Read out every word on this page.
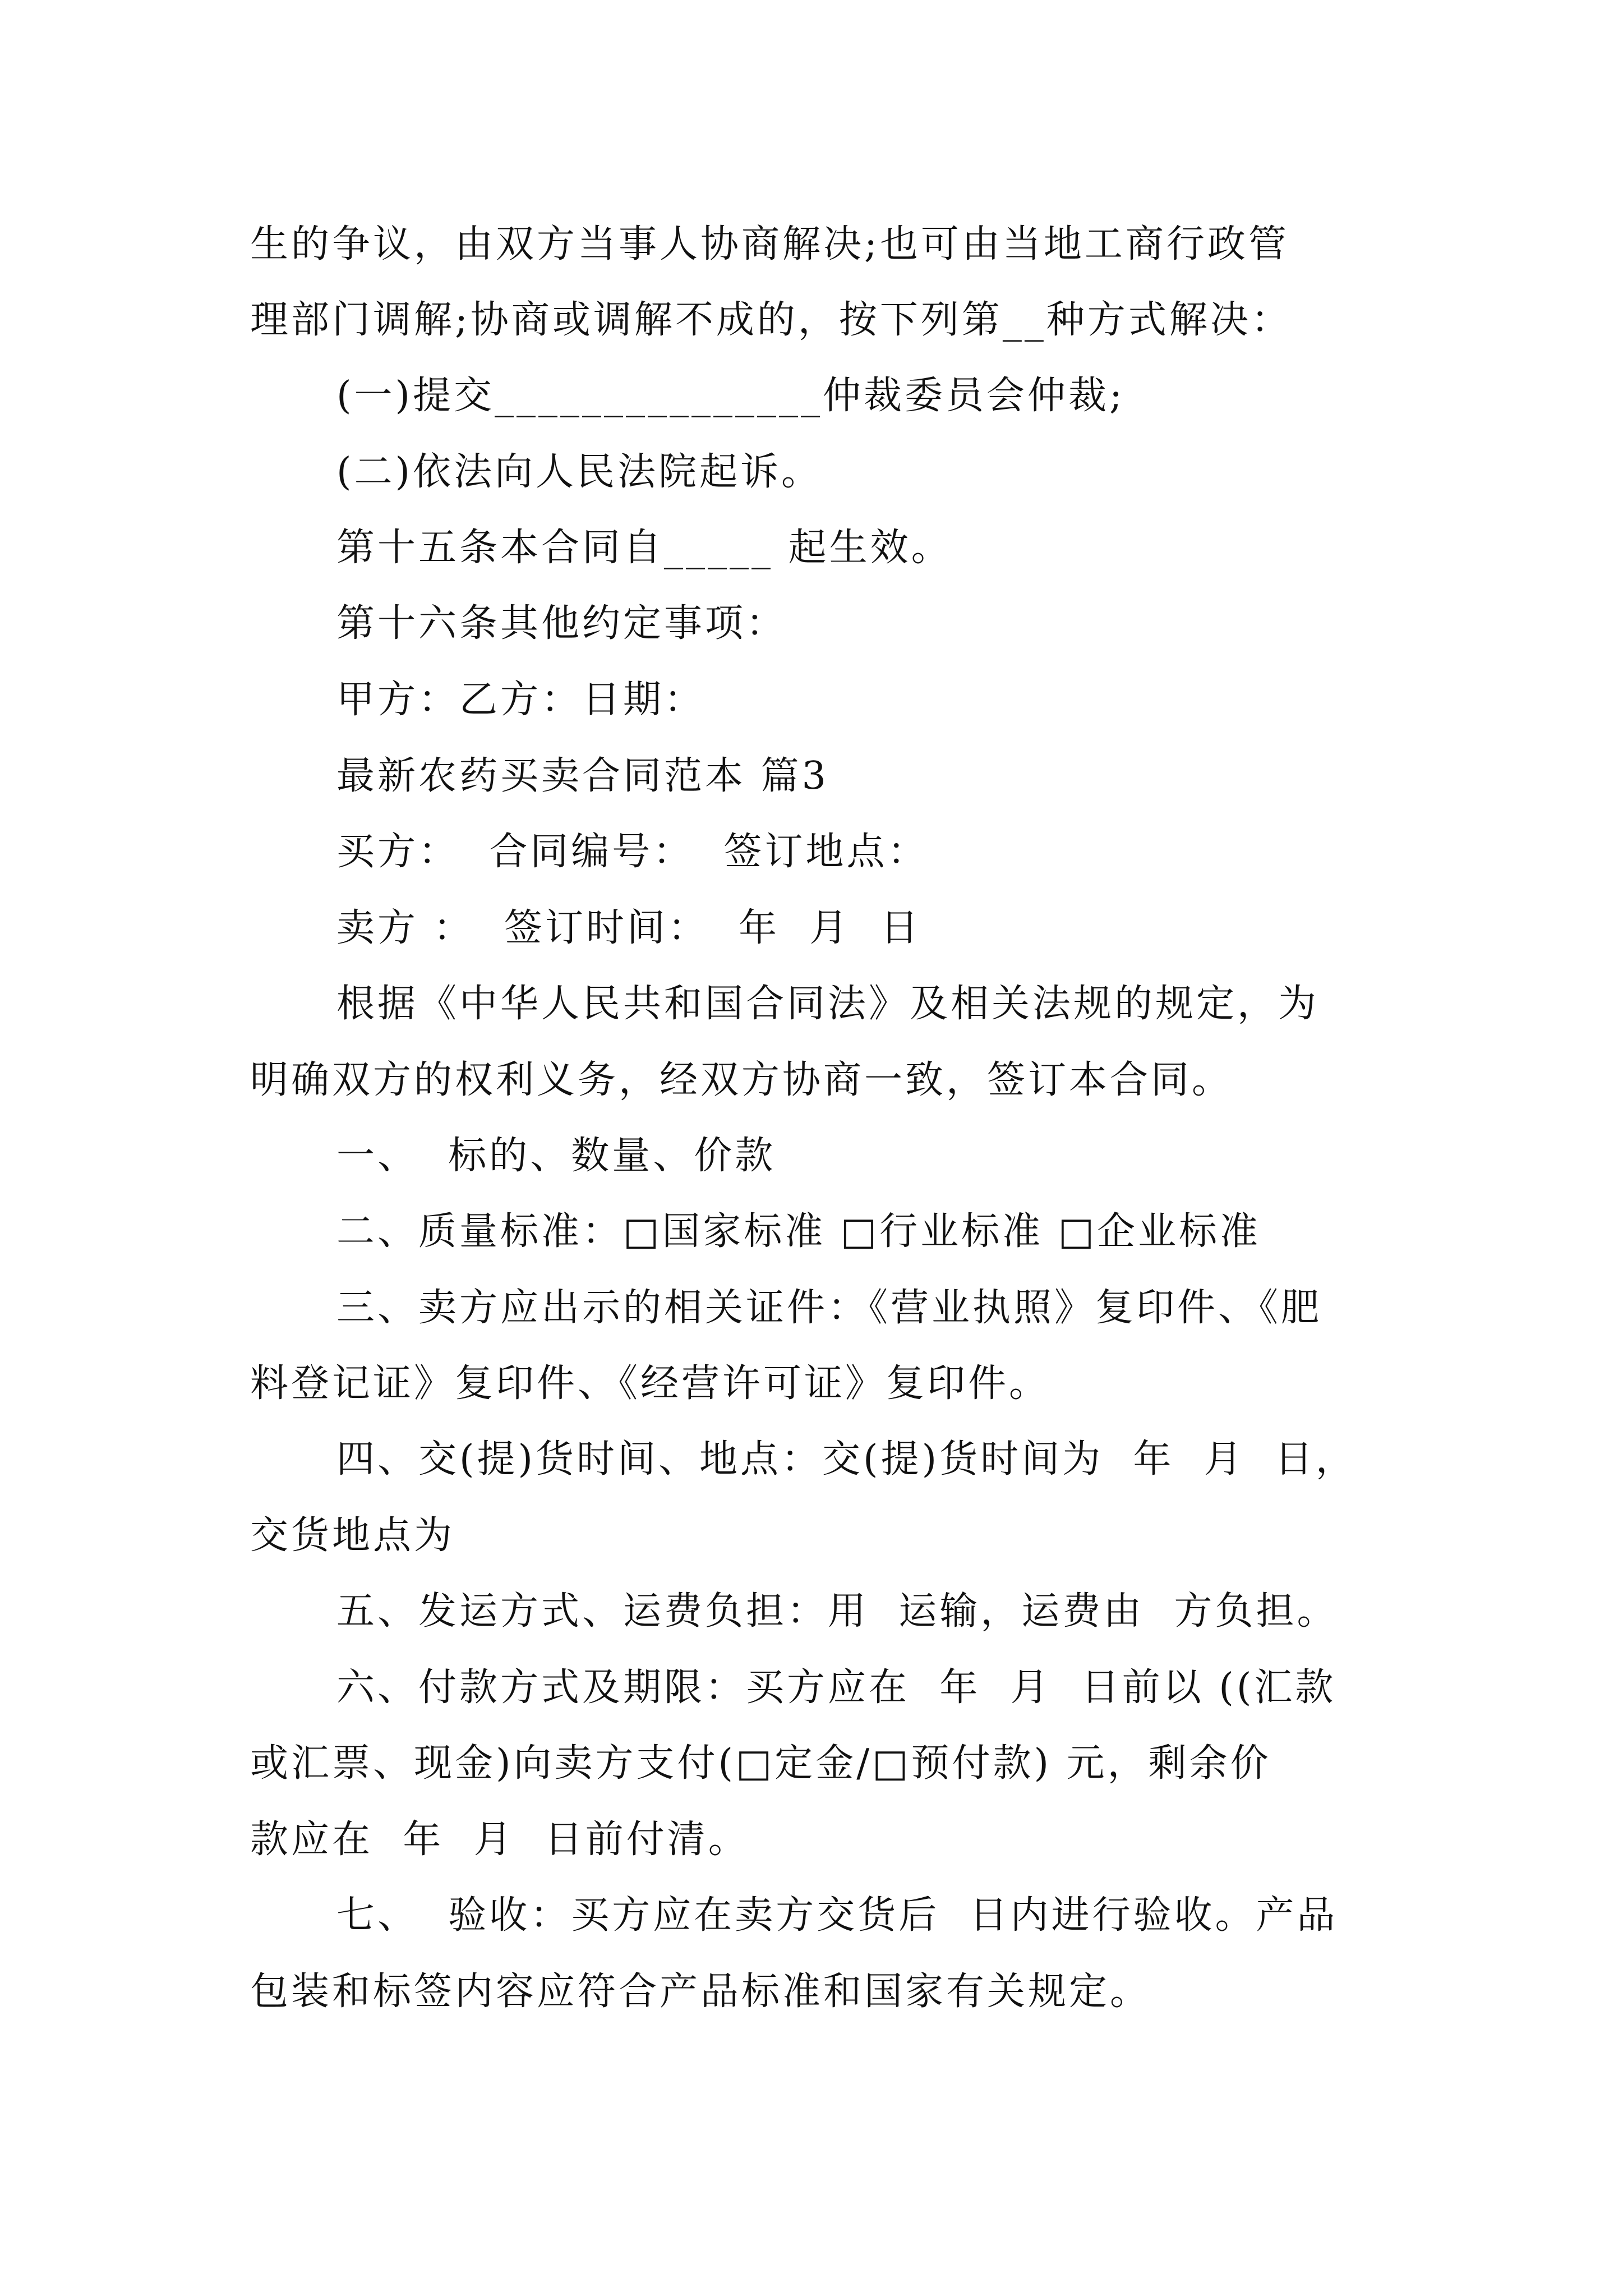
生的争议，由双方当事人协商解决;也可由当地工商行政管
理部门调解;协商或调解不成的，按下列第__种方式解决：
(一)提交_______________仲裁委员会仲裁;
(二)依法向人民法院起诉。
第十五条本合同自_____ 起生效。
第十六条其他约定事项：
甲方：乙方：日期：
最新农药买卖合同范本 篇3
买方：  合同编号：  签订地点：
卖方 ：  签订时间：  年  月  日
根据《中华人民共和国合同法》及相关法规的规定，为
明确双方的权利义务，经双方协商一致，签订本合同。
一、  标的、数量、价款
二、质量标准：□国家标准 □行业标准 □企业标准
三、卖方应出示的相关证件：《营业执照》复印件、《肥
料登记证》复印件、《经营许可证》复印件。
四、交(提)货时间、地点：交(提)货时间为  年  月  日，
交货地点为
五、发运方式、运费负担：用  运输，运费由  方负担。
六、付款方式及期限：买方应在  年  月  日前以 ((汇款
或汇票、现金)向卖方支付(□定金/□预付款) 元，剩余价
款应在  年  月  日前付清。
七、  验收：买方应在卖方交货后  日内进行验收。产品
包装和标签内容应符合产品标准和国家有关规定。
